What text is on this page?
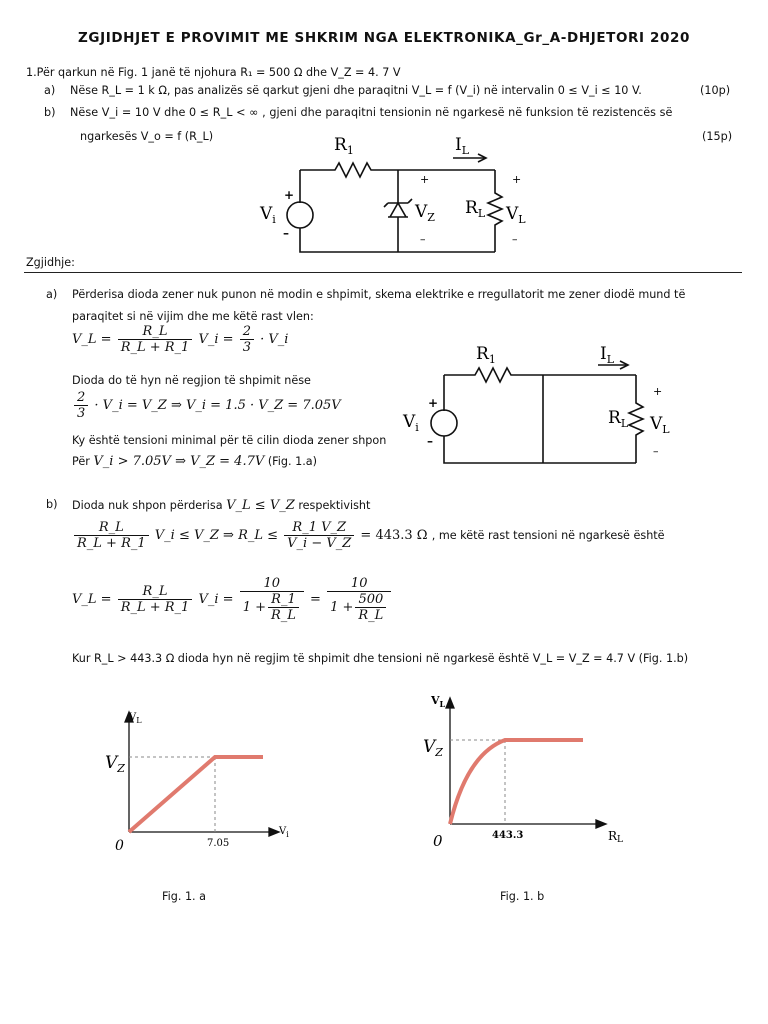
ZGJIDHJET E PROVIMIT ME SHKRIM NGA ELEKTRONIKA_Gr_A-DHJETORI 2020
1.Për qarkun në Fig. 1 janë të njohura R₁ = 500 Ω dhe V_Z = 4. 7 V
a) Nëse R_L = 1 k Ω, pas analizës së qarkut gjeni dhe paraqitni V_L = f (V_i) në intervalin 0 ≤ V_i ≤ 10 V.	(10p)
b) Nëse V_i = 10 V dhe 0 ≤ R_L < ∞ , gjeni dhe paraqitni tensionin në ngarkesë në funksion të rezistencës së
ngarkesës V_o = f (R_L)	(15p)
$R_1$	$I_L$
$V_i$	$V_Z$ $R_L$ $V_L$
+
–
+
–
+
–
Zgjidhje:
a) Përderisa dioda zener nuk punon në modin e shpimit, skema elektrike e rregullatorit me zener diodë mund të
paraqitet si në vijim dhe me këtë rast vlen:
V_L = $\frac{R\_L}{R\_L + R\_1}$ V_i = $\frac{2}{3}$ · V_i
Dioda do të hyn në regjion të shpimit nëse
$\frac{2}{3}$ · V_i = V_Z ⇒ V_i = 1.5 · V_Z = 7.05V
Ky është tensioni minimal për të cilin dioda zener shpon
Për V_i > 7.05V ⇒ V_Z = 4.7V (Fig. 1.a)
$R_1$	$I_L$
$V_i$	$R_L$ $V_L$
+
–
+
–
b) Dioda nuk shpon përderisa V_L ≤ V_Z respektivisht
$\frac{R\_L}{R\_L + R\_1}$ V_i ≤ V_Z ⇒ R_L ≤ $\frac{R\_1 V\_Z}{V\_i - V\_Z} = 443.3$ Ω , me këtë rast tensioni në ngarkesë është
V_L = $\frac{R\_L}{R\_L + R\_1}$ V_i = $\frac{10}{1 + \frac{R\_1}{R\_L}} = \frac{10}{1 + \frac{500}{R\_L}}$
Kur R_L > 443.3 Ω dioda hyn në regjim të shpimit dhe tensioni në ngarkesë është V_L = V_Z = 4.7 V (Fig. 1.b)
$V_L$
$V_i$
$V_Z$
0	7.05
Fig. 1. a
$V_L$
RL
$V_Z$
0	443.3
Fig. 1. b
